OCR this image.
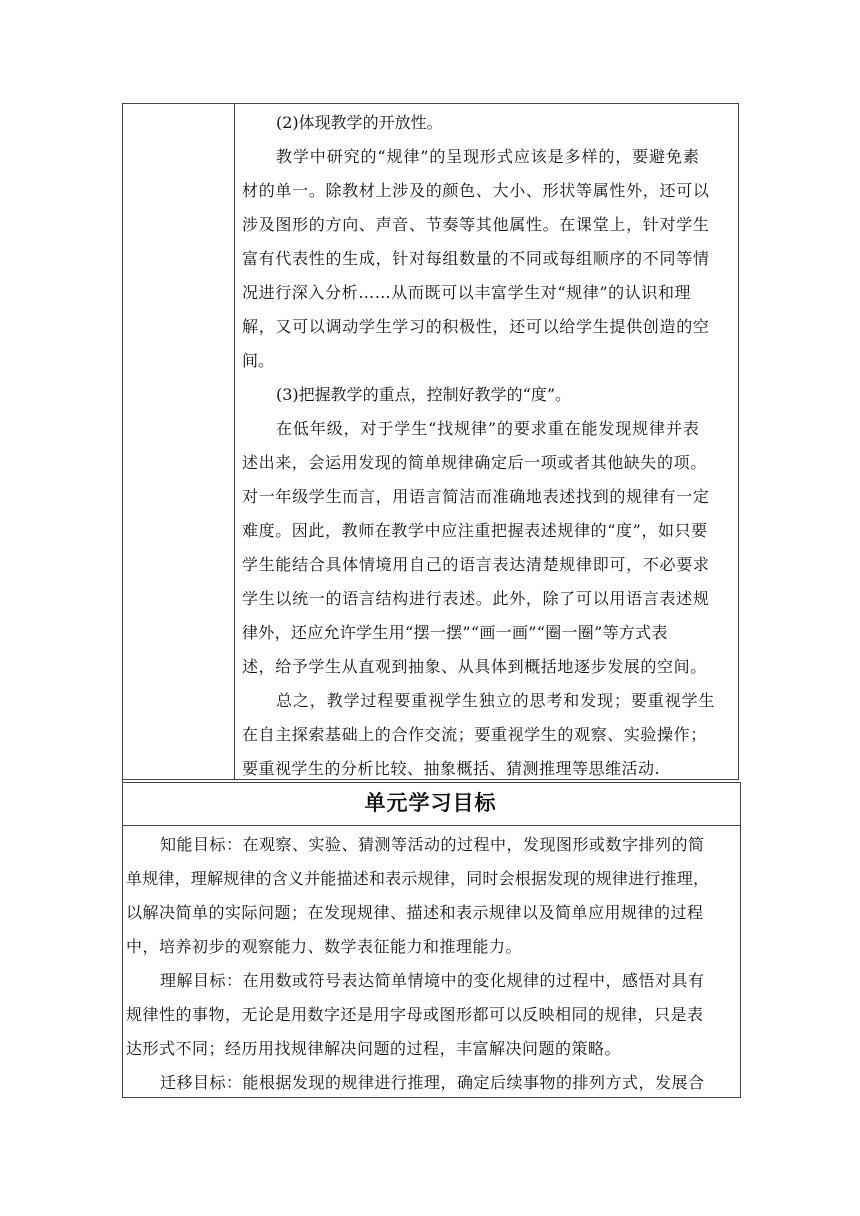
(2)体现教学的开放性。

教学中研究的“规律”的呈现形式应该是多样的，要避免素

材的单一。除教材上涉及的颜色、大小、形状等属性外，还可以

涉及图形的方向、声音、节奏等其他属性。在课堂上，针对学生

富有代表性的生成，针对每组数量的不同或每组顺序的不同等情

况进行深入分析……从而既可以丰富学生对“规律”的认识和理

解，又可以调动学生学习的积极性，还可以给学生提供创造的空

间。

(3)把握教学的重点，控制好教学的“度”。

在低年级，对于学生“找规律”的要求重在能发现规律并表

述出来，会运用发现的简单规律确定后一项或者其他缺失的项。

对一年级学生而言，用语言简洁而准确地表述找到的规律有一定

难度。因此，教师在教学中应注重把握表述规律的“度”，如只要

学生能结合具体情境用自己的语言表达清楚规律即可，不必要求

学生以统一的语言结构进行表述。此外，除了可以用语言表述规

律外，还应允许学生用“摆一摆”“画一画”“圈一圈”等方式表

述，给予学生从直观到抽象、从具体到概括地逐步发展的空间。

总之，教学过程要重视学生独立的思考和发现；要重视学生

在自主探索基础上的合作交流；要重视学生的观察、实验操作；

要重视学生的分析比较、抽象概括、猜测推理等思维活动.

单元学习目标

知能目标：在观察、实验、猜测等活动的过程中，发现图形或数字排列的简

单规律，理解规律的含义并能描述和表示规律，同时会根据发现的规律进行推理，

以解决简单的实际问题；在发现规律、描述和表示规律以及简单应用规律的过程

中，培养初步的观察能力、数学表征能力和推理能力。

理解目标：在用数或符号表达简单情境中的变化规律的过程中，感悟对具有

规律性的事物，无论是用数字还是用字母或图形都可以反映相同的规律，只是表

达形式不同；经历用找规律解决问题的过程，丰富解决问题的策略。

迁移目标：能根据发现的规律进行推理，确定后续事物的排列方式，发展合
